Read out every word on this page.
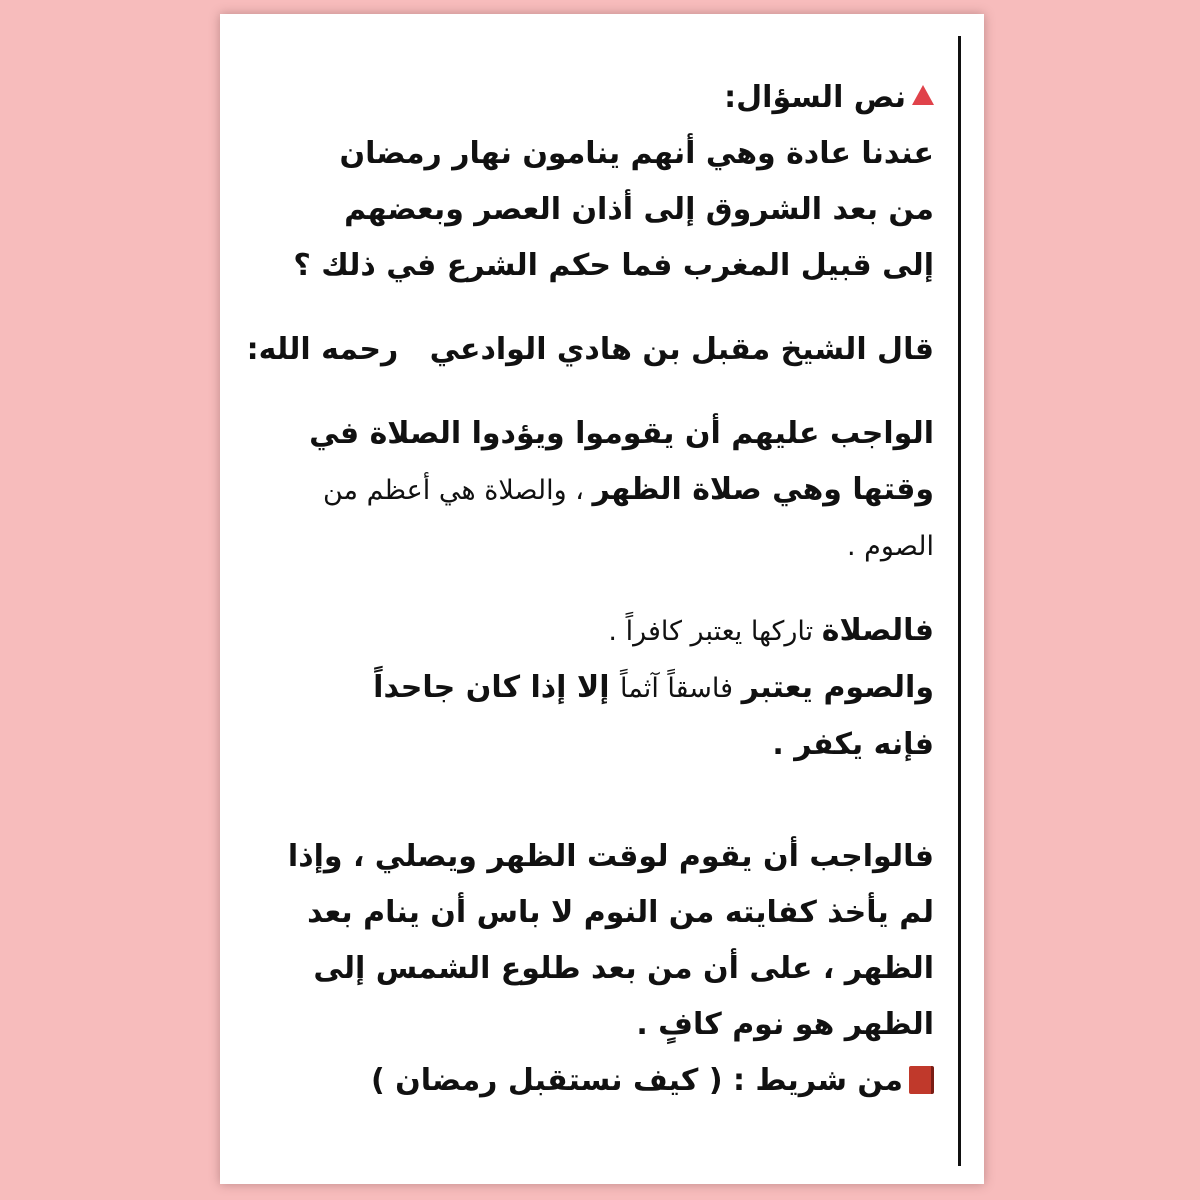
نص السؤال:
عندنا عادة وهي أنهم ينامون نهار رمضان
من بعد الشروق إلى أذان العصر وبعضهم
إلى قبيل المغرب فما حكم الشرع في ذلك ؟
قال الشيخ مقبل بن هادي الوادعي   رحمه الله:
الواجب عليهم أن يقوموا ويؤدوا الصلاة في
وقتها وهي صلاة الظهر ، والصلاة هي أعظم من
الصوم .
فالصلاة تاركها يعتبر كافراً .
والصوم يعتبر فاسقاً آثماً إلا إذا كان جاحداً
فإنه يكفر .
فالواجب أن يقوم لوقت الظهر ويصلي ، وإذا
لم يأخذ كفايته من النوم لا باس أن ينام بعد
الظهر ، على أن من بعد طلوع الشمس إلى
الظهر هو نوم كافٍ .
من شريط : ( كيف نستقبل رمضان )
